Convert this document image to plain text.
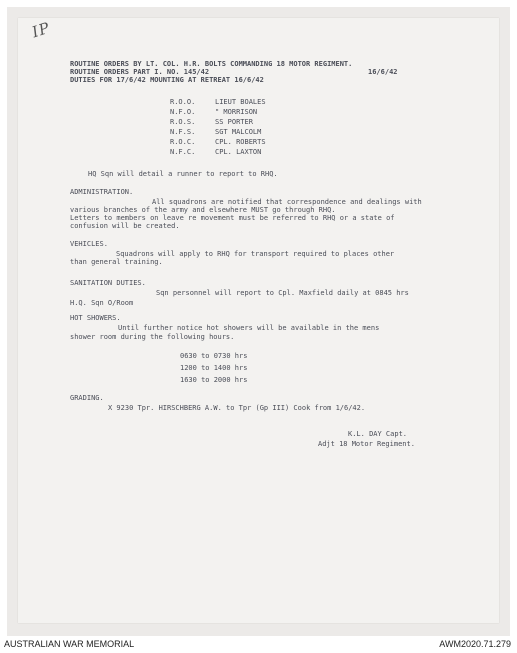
IP
ROUTINE ORDERS BY LT. COL. H.R. BOLTS COMMANDING 18 MOTOR REGIMENT.
ROUTINE ORDERS PART I. NO. 145/42	16/6/42
DUTIES FOR 17/6/42 MOUNTING AT RETREAT 16/6/42
R.O.O.	LIEUT BOALES
N.F.O.	" MORRISON
R.O.S.	SS PORTER
N.F.S.	SGT MALCOLM
R.O.C.	CPL. ROBERTS
N.F.C.	CPL. LAXTON
HQ Sqn will detail a runner to report to RHQ.
ADMINISTRATION.
All squadrons are notified that correspondence and dealings with
various branches of the army and elsewhere MUST go through RHQ.
Letters to members on leave re movement must be referred to RHQ or a state of
confusion will be created.
VEHICLES.
Squadrons will apply to RHQ for transport required to places other
than general training.
SANITATION DUTIES.
Sqn personnel will report to Cpl. Maxfield daily at 0845 hrs
H.Q. Sqn O/Room
HOT SHOWERS.
Until further notice hot showers will be available in the mens
shower room during the following hours.
0630 to 0730 hrs
1200 to 1400 hrs
1630 to 2000 hrs
GRADING.
X 9230 Tpr. HIRSCHBERG A.W. to Tpr (Gp III) Cook from 1/6/42.
K.L. DAY Capt.
Adjt 18 Motor Regiment.
AUSTRALIAN WAR MEMORIAL	AWM2020.71.279
